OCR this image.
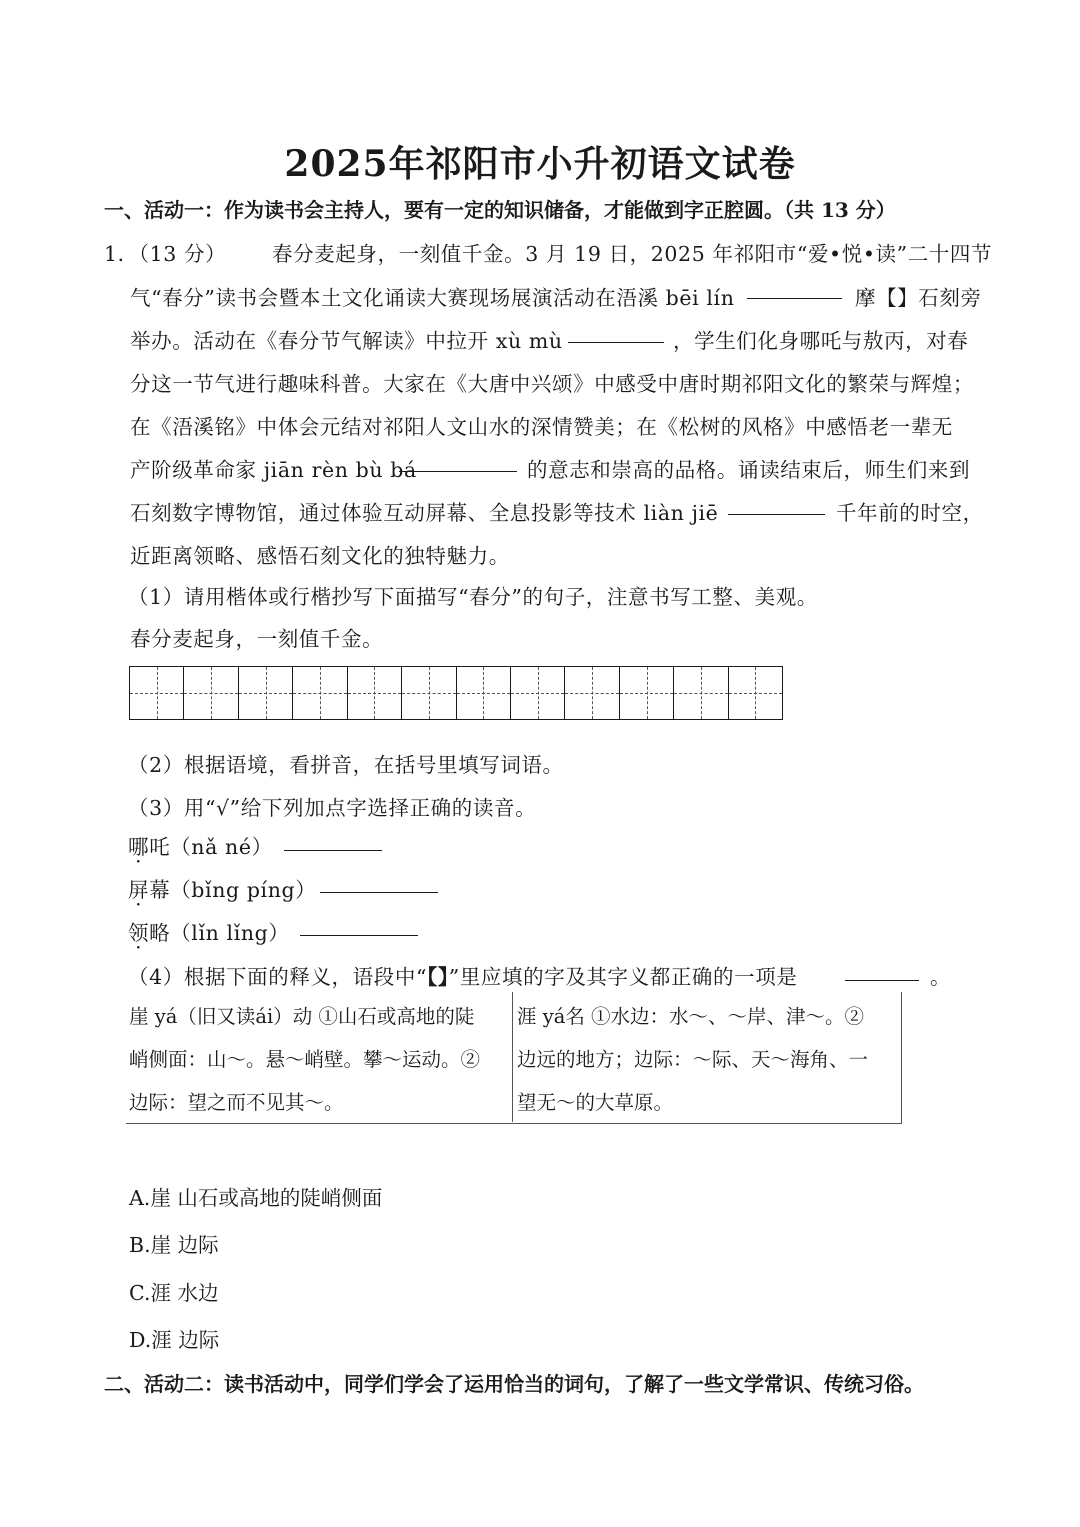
2025年祁阳市小升初语文试卷
一、活动一：作为读书会主持人，要有一定的知识储备，才能做到字正腔圆。（共 13 分）
1．（13 分） 春分麦起身，一刻值千金。3 月 19 日，2025 年祁阳市“爱•悦•读”二十四节
气“春分”读书会暨本土文化诵读大赛现场展演活动在浯溪 bēi lín	摩【】石刻旁
举办。活动在《春分节气解读》中拉开 xù mù	，学生们化身哪吒与敖丙，对春
分这一节气进行趣味科普。大家在《大唐中兴颂》中感受中唐时期祁阳文化的繁荣与辉煌；
在《浯溪铭》中体会元结对祁阳人文山水的深情赞美；在《松树的风格》中感悟老一辈无
产阶级革命家 jiān rèn bù bá	的意志和崇高的品格。诵读结束后，师生们来到
石刻数字博物馆，通过体验互动屏幕、全息投影等技术 liàn jiē	千年前的时空，
近距离领略、感悟石刻文化的独特魅力。
（1）请用楷体或行楷抄写下面描写“春分”的句子，注意书写工整、美观。
春分麦起身，一刻值千金。
（2）根据语境，看拼音，在括号里填写词语。
（3）用“√”给下列加点字选择正确的读音。
哪吒（nǎ né）
屏幕（bǐng píng）
领略（lǐn lǐng）
（4）根据下面的释义，语段中“【】”里应填的字及其字义都正确的一项是	。
崖 yá（旧又读ái）动 ①山石或高地的陡
峭侧面：山～。悬～峭壁。攀～运动。②
边际：望之而不见其～。
涯 yá名 ①水边：水～、～岸、津～。②
边远的地方；边际：～际、天～海角、一
望无～的大草原。
A.崖 山石或高地的陡峭侧面
B.崖 边际
C.涯 水边
D.涯 边际
二、活动二：读书活动中，同学们学会了运用恰当的词句，了解了一些文学常识、传统习俗。
